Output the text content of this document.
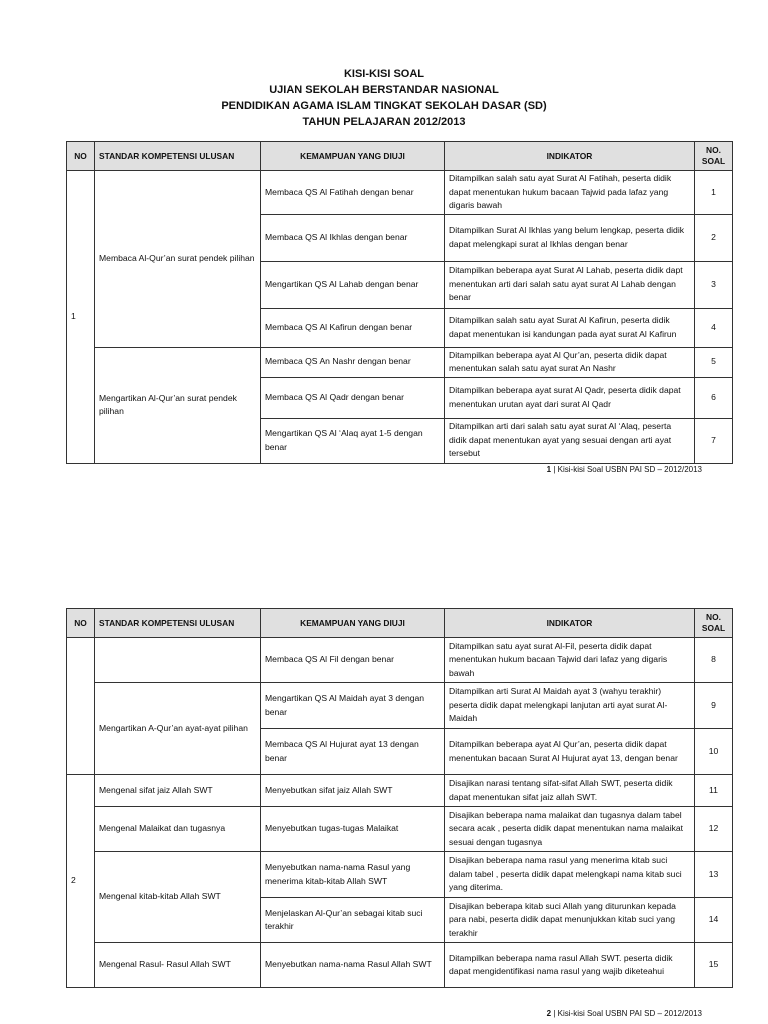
KISI-KISI SOAL
UJIAN SEKOLAH BERSTANDAR NASIONAL
PENDIDIKAN AGAMA ISLAM TINGKAT SEKOLAH DASAR (SD)
TAHUN PELAJARAN 2012/2013
NO	STANDAR KOMPETENSI ULUSAN	KEMAMPUAN YANG DIUJI	INDIKATOR	NO.
SOAL
1	Membaca Al-Qur’an surat pendek pilihan	Membaca QS Al Fatihah dengan benar	Ditampilkan salah satu ayat Surat Al Fatihah, peserta didik dapat menentukan hukum bacaan Tajwid pada lafaz yang digaris bawah	1
		Membaca QS Al Ikhlas dengan benar	Ditampilkan Surat Al Ikhlas yang belum lengkap, peserta didik dapat melengkapi surat al Ikhlas dengan benar	2
		Mengartikan QS Al Lahab dengan benar	Ditampilkan beberapa ayat Surat Al Lahab, peserta didik dapt menentukan arti dari salah satu ayat surat Al Lahab dengan benar	3
		Membaca QS Al Kafirun dengan benar	Ditampilkan salah satu ayat Surat Al Kafirun, peserta didik dapat menentukan isi kandungan pada ayat surat Al Kafirun	4
	Mengartikan Al-Qur’an surat pendek pilihan	Membaca QS An Nashr dengan benar	Ditampilkan beberapa ayat Al Qur’an, peserta didik dapat menentukan salah satu ayat surat An Nashr	5
		Membaca QS Al Qadr dengan benar	Ditampilkan beberapa ayat surat Al Qadr, peserta didik dapat menentukan urutan ayat dari surat Al Qadr	6
		Mengartikan QS Al ‘Alaq ayat 1-5 dengan benar	Ditampilkan arti dari salah satu ayat surat Al ‘Alaq, peserta didik dapat menentukan ayat yang sesuai dengan arti ayat tersebut	7
1 | Kisi-kisi Soal USBN PAI SD – 2012/2013
NO	STANDAR KOMPETENSI ULUSAN	KEMAMPUAN YANG DIUJI	INDIKATOR	NO.
SOAL
		Membaca QS Al Fil dengan benar	Ditampilkan satu ayat surat Al-Fil, peserta didik dapat menentukan hukum bacaan Tajwid dari lafaz yang digaris bawah	8
	Mengartikan A-Qur’an ayat-ayat pilihan	Mengartikan QS Al Maidah ayat 3 dengan benar	Ditampilkan arti Surat Al Maidah ayat 3 (wahyu terakhir) peserta didik dapat melengkapi lanjutan arti ayat surat Al-Maidah	9
		Membaca QS Al Hujurat ayat 13 dengan benar	Ditampilkan beberapa ayat Al Qur’an, peserta didik dapat menentukan bacaan Surat Al Hujurat ayat 13, dengan benar	10
2	Mengenal sifat jaiz Allah SWT	Menyebutkan sifat jaiz Allah SWT	Disajikan narasi tentang sifat-sifat Allah SWT, peserta didik dapat menentukan sifat jaiz allah SWT.	11
	Mengenal Malaikat dan tugasnya	Menyebutkan tugas-tugas Malaikat	Disajikan beberapa nama malaikat dan tugasnya dalam tabel secara acak , peserta didik dapat menentukan nama malaikat sesuai dengan tugasnya	12
	Mengenal kitab-kitab Allah SWT	Menyebutkan nama-nama Rasul yang menerima kitab-kitab Allah SWT	Disajikan beberapa nama rasul yang menerima kitab suci dalam tabel , peserta didik dapat melengkapi nama kitab suci yang diterima.	13
		Menjelaskan Al-Qur’an sebagai kitab suci terakhir	Disajikan beberapa kitab suci Allah yang diturunkan kepada para nabi, peserta didik dapat menunjukkan kitab suci yang terakhir	14
	Mengenal Rasul- Rasul Allah SWT	Menyebutkan nama-nama Rasul Allah SWT	Ditampilkan beberapa nama rasul Allah SWT. peserta didik dapat mengidentifikasi nama rasul yang wajib diketeahui	15
2 | Kisi-kisi Soal USBN PAI SD – 2012/2013
